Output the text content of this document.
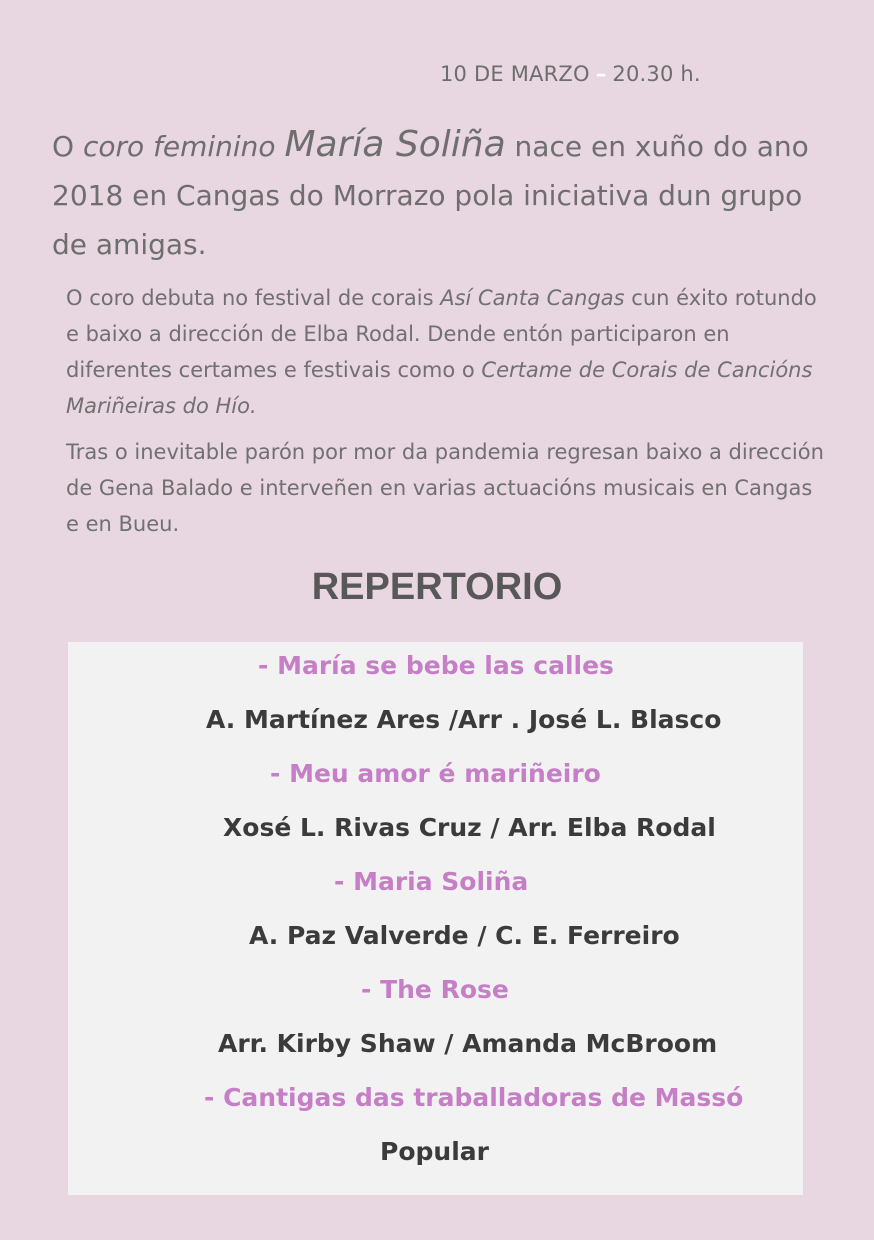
10 DE MARZO – 20.30 h.
O coro feminino María Soliña nace en xuño do ano 2018 en Cangas do Morrazo pola iniciativa dun grupo de amigas.
O coro debuta no festival de corais Así Canta Cangas cun éxito rotundo e baixo a dirección de Elba Rodal. Dende entón participaron en diferentes certames e festivais como o Certame de Corais de Cancións Mariñeiras do Hío.
Tras o inevitable parón por mor da pandemia regresan baixo a dirección de Gena Balado e interveñen en varias actuacións musicais en Cangas e en Bueu.
REPERTORIO
- María se bebe las calles
A. Martínez Ares /Arr . José L. Blasco
- Meu amor é mariñeiro
Xosé L. Rivas Cruz / Arr. Elba Rodal
- Maria Soliña
A. Paz Valverde / C. E. Ferreiro
- The Rose
Arr. Kirby Shaw / Amanda McBroom
- Cantigas das traballadoras de Massó
Popular
